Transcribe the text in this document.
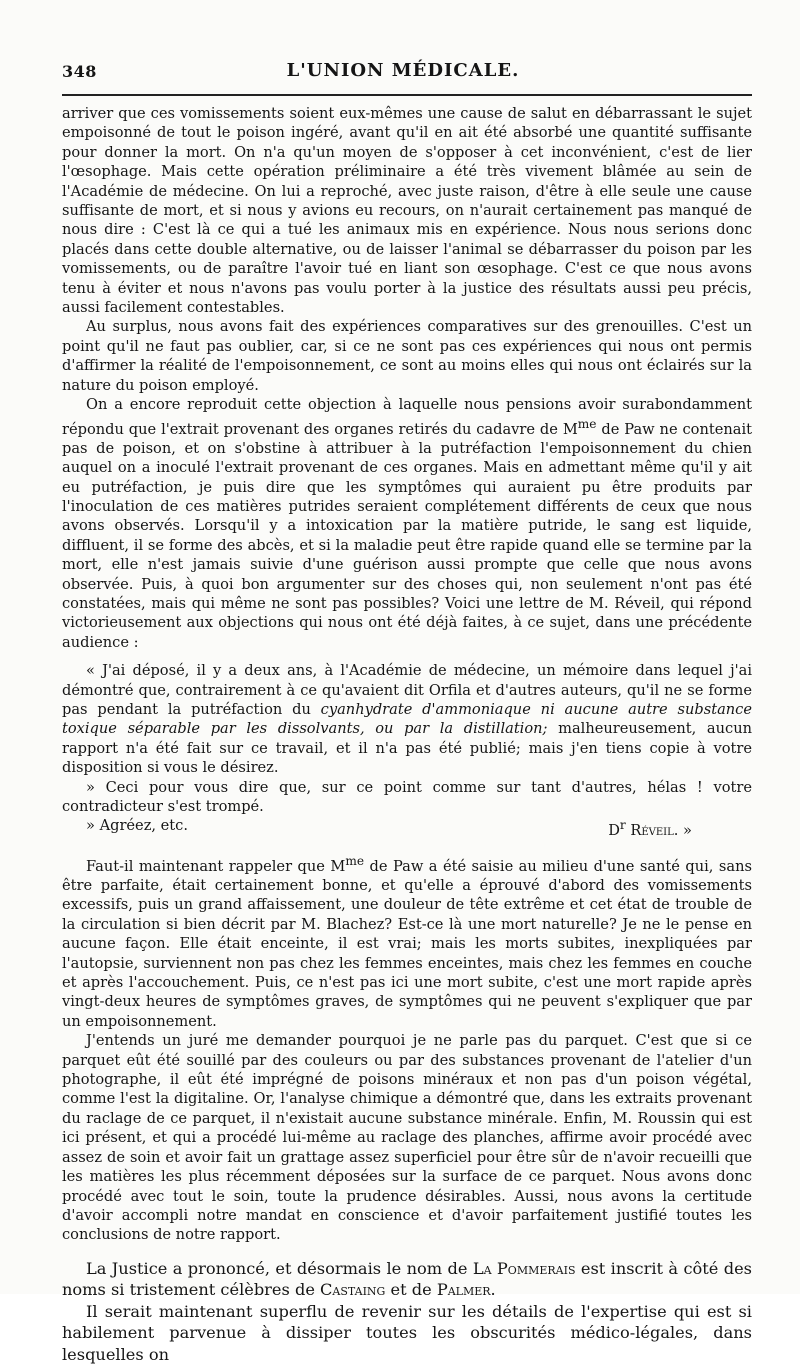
348	L'UNION MÉDICALE.

arriver que ces vomissements soient eux-mêmes une cause de salut en débarrassant le sujet empoisonné de tout le poison ingéré, avant qu'il en ait été absorbé une quantité suffisante pour donner la mort. On n'a qu'un moyen de s'opposer à cet inconvénient, c'est de lier l'œsophage. Mais cette opération préliminaire a été très vivement blâmée au sein de l'Académie de médecine. On lui a reproché, avec juste raison, d'être à elle seule une cause suffisante de mort, et si nous y avions eu recours, on n'aurait certainement pas manqué de nous dire : C'est là ce qui a tué les animaux mis en expérience. Nous nous serions donc placés dans cette double alternative, ou de laisser l'animal se débarrasser du poison par les vomissements, ou de paraître l'avoir tué en liant son œsophage. C'est ce que nous avons tenu à éviter et nous n'avons pas voulu porter à la justice des résultats aussi peu précis, aussi facilement contestables.

Au surplus, nous avons fait des expériences comparatives sur des grenouilles. C'est un point qu'il ne faut pas oublier, car, si ce ne sont pas ces expériences qui nous ont permis d'affirmer la réalité de l'empoisonnement, ce sont au moins elles qui nous ont éclairés sur la nature du poison employé.

On a encore reproduit cette objection à laquelle nous pensions avoir surabondamment répondu que l'extrait provenant des organes retirés du cadavre de $M^{me}$ de Paw ne contenait pas de poison, et on s'obstine à attribuer à la putréfaction l'empoisonnement du chien auquel on a inoculé l'extrait provenant de ces organes. Mais en admettant même qu'il y ait eu putréfaction, je puis dire que les symptômes qui auraient pu être produits par l'inoculation de ces matières putrides seraient complétement différents de ceux que nous avons observés. Lorsqu'il y a intoxication par la matière putride, le sang est liquide, diffluent, il se forme des abcès, et si la maladie peut être rapide quand elle se termine par la mort, elle n'est jamais suivie d'une guérison aussi prompte que celle que nous avons observée. Puis, à quoi bon argumenter sur des choses qui, non seulement n'ont pas été constatées, mais qui même ne sont pas possibles? Voici une lettre de M. Réveil, qui répond victorieusement aux objections qui nous ont été déjà faites, à ce sujet, dans une précédente audience :

« J'ai déposé, il y a deux ans, à l'Académie de médecine, un mémoire dans lequel j'ai démontré que, contrairement à ce qu'avaient dit Orfila et d'autres auteurs, qu'il ne se forme pas pendant la putréfaction du cyanhydrate d'ammoniaque ni aucune autre substance toxique séparable par les dissolvants, ou par la distillation; malheureusement, aucun rapport n'a été fait sur ce travail, et il n'a pas été publié; mais j'en tiens copie à votre disposition si vous le désirez.

» Ceci pour vous dire que, sur ce point comme sur tant d'autres, hélas ! votre contradicteur s'est trompé.

» Agréez, etc.	$D^r$ Réveil. »

Faut-il maintenant rappeler que $M^{me}$ de Paw a été saisie au milieu d'une santé qui, sans être parfaite, était certainement bonne, et qu'elle a éprouvé d'abord des vomissements excessifs, puis un grand affaissement, une douleur de tête extrême et cet état de trouble de la circulation si bien décrit par M. Blachez? Est-ce là une mort naturelle? Je ne le pense en aucune façon. Elle était enceinte, il est vrai; mais les morts subites, inexpliquées par l'autopsie, surviennent non pas chez les femmes enceintes, mais chez les femmes en couche et après l'accouchement. Puis, ce n'est pas ici une mort subite, c'est une mort rapide après vingt-deux heures de symptômes graves, de symptômes qui ne peuvent s'expliquer que par un empoisonnement.

J'entends un juré me demander pourquoi je ne parle pas du parquet. C'est que si ce parquet eût été souillé par des couleurs ou par des substances provenant de l'atelier d'un photographe, il eût été imprégné de poisons minéraux et non pas d'un poison végétal, comme l'est la digitaline. Or, l'analyse chimique a démontré que, dans les extraits provenant du raclage de ce parquet, il n'existait aucune substance minérale. Enfin, M. Roussin qui est ici présent, et qui a procédé lui-même au raclage des planches, affirme avoir procédé avec assez de soin et avoir fait un grattage assez superficiel pour être sûr de n'avoir recueilli que les matières les plus récemment déposées sur la surface de ce parquet. Nous avons donc procédé avec tout le soin, toute la prudence désirables. Aussi, nous avons la certitude d'avoir accompli notre mandat en conscience et d'avoir parfaitement justifié toutes les conclusions de notre rapport.

La Justice a prononcé, et désormais le nom de La Pommerais est inscrit à côté des noms si tristement célèbres de Castaing et de Palmer.

Il serait maintenant superflu de revenir sur les détails de l'expertise qui est si habilement parvenue à dissiper toutes les obscurités médico-légales, dans lesquelles on
